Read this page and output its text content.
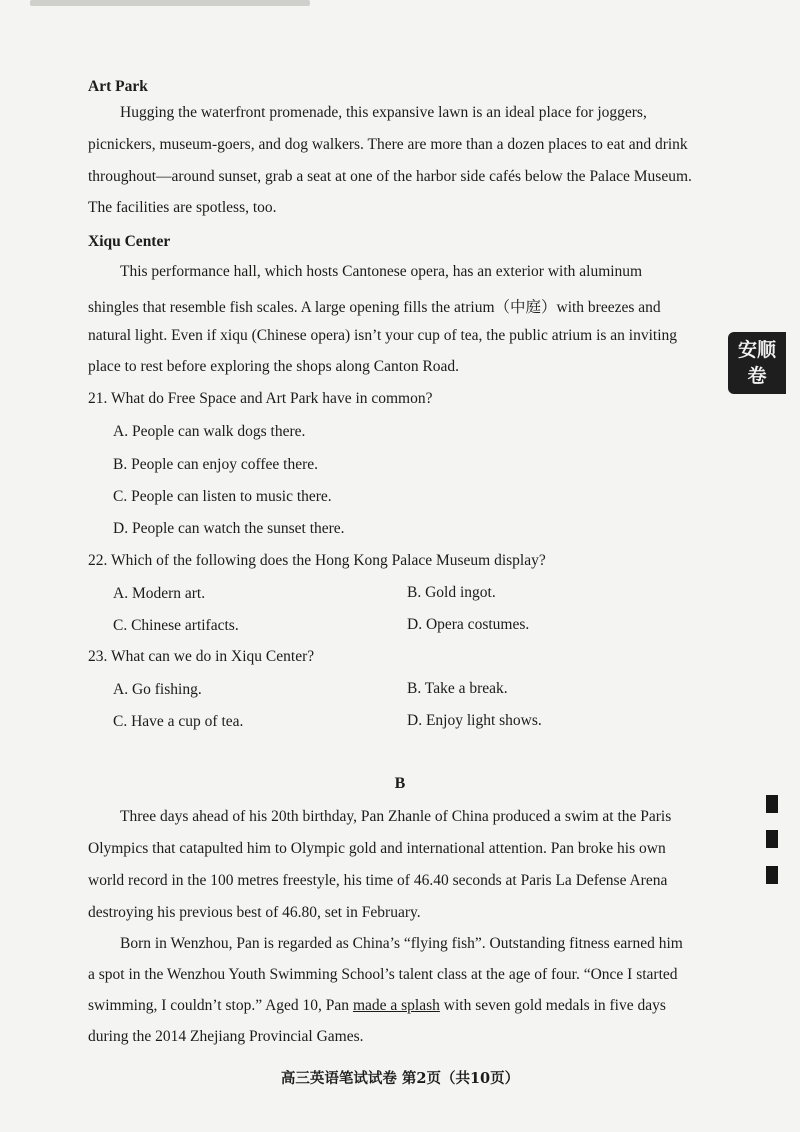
Art Park
Hugging the waterfront promenade, this expansive lawn is an ideal place for joggers,
picnickers, museum-goers, and dog walkers. There are more than a dozen places to eat and drink
throughout—around sunset, grab a seat at one of the harbor side cafés below the Palace Museum.
The facilities are spotless, too.
Xiqu Center
This performance hall, which hosts Cantonese opera, has an exterior with aluminum
shingles that resemble fish scales. A large opening fills the atrium（中庭）with breezes and
natural light. Even if xiqu (Chinese opera) isn’t your cup of tea, the public atrium is an inviting
place to rest before exploring the shops along Canton Road.
21. What do Free Space and Art Park have in common?
A. People can walk dogs there.
B. People can enjoy coffee there.
C. People can listen to music there.
D. People can watch the sunset there.
22. Which of the following does the Hong Kong Palace Museum display?
A. Modern art.	B. Gold ingot.
C. Chinese artifacts.	D. Opera costumes.
23. What can we do in Xiqu Center?
A. Go fishing.	B. Take a break.
C. Have a cup of tea.	D. Enjoy light shows.
B
Three days ahead of his 20th birthday, Pan Zhanle of China produced a swim at the Paris
Olympics that catapulted him to Olympic gold and international attention. Pan broke his own
world record in the 100 metres freestyle, his time of 46.40 seconds at Paris La Defense Arena
destroying his previous best of 46.80, set in February.
Born in Wenzhou, Pan is regarded as China’s “flying fish”. Outstanding fitness earned him
a spot in the Wenzhou Youth Swimming School’s talent class at the age of four. “Once I started
swimming, I couldn’t stop.” Aged 10, Pan made a splash with seven gold medals in five days
during the 2014 Zhejiang Provincial Games.
安顺
卷
高三英语笔试试卷 第2页（共10页）
